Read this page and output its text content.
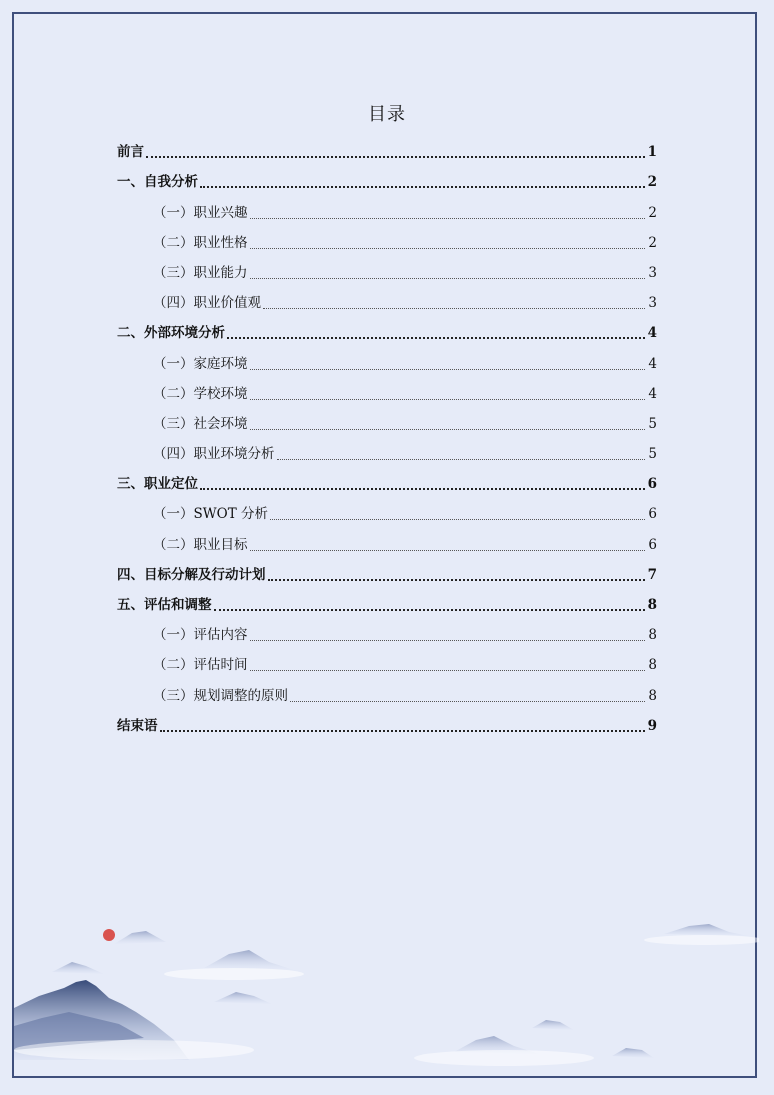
目录
前言	1
一、自我分析	2
（一）职业兴趣	2
（二）职业性格	2
（三）职业能力	3
（四）职业价值观	3
二、外部环境分析	4
（一）家庭环境	4
（二）学校环境	4
（三）社会环境	5
（四）职业环境分析	5
三、职业定位	6
（一）SWOT 分析	6
（二）职业目标	6
四、目标分解及行动计划	7
五、评估和调整	8
（一）评估内容	8
（二）评估时间	8
（三）规划调整的原则	8
结束语	9
